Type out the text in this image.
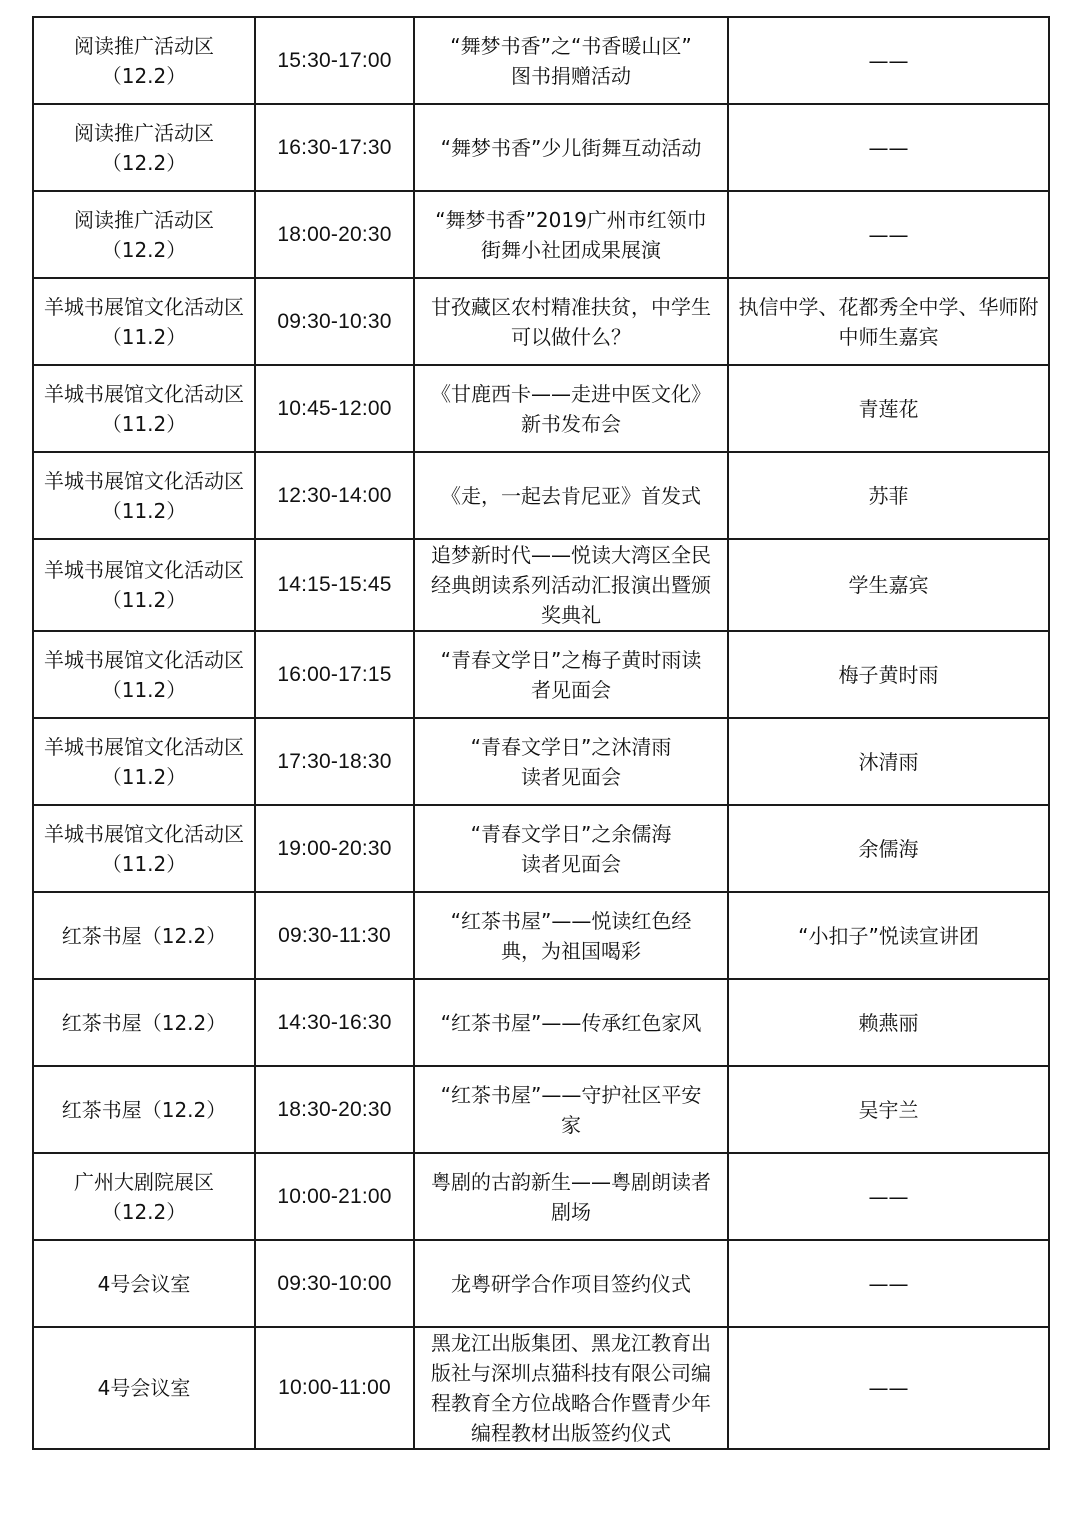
阅读推广活动区
（12.2）	15:30-17:00	“舞梦书香”之“书香暖山区”
图书捐赠活动	——

阅读推广活动区
（12.2）	16:30-17:30	“舞梦书香”少儿街舞互动活动	——

阅读推广活动区
（12.2）	18:00-20:30	“舞梦书香”2019广州市红领巾
街舞小社团成果展演	——

羊城书展馆文化活动区
（11.2）	09:30-10:30	甘孜藏区农村精准扶贫，中学生
可以做什么？	执信中学、花都秀全中学、华师附
中师生嘉宾

羊城书展馆文化活动区
（11.2）	10:45-12:00	《甘鹿西卡——走进中医文化》
新书发布会	青莲花

羊城书展馆文化活动区
（11.2）	12:30-14:00	《走，一起去肯尼亚》首发式	苏菲

羊城书展馆文化活动区
（11.2）	14:15-15:45	追梦新时代——悦读大湾区全民
经典朗读系列活动汇报演出暨颁
奖典礼	学生嘉宾

羊城书展馆文化活动区
（11.2）	16:00-17:15	“青春文学日”之梅子黄时雨读
者见面会	梅子黄时雨

羊城书展馆文化活动区
（11.2）	17:30-18:30	“青春文学日”之沐清雨
读者见面会	沐清雨

羊城书展馆文化活动区
（11.2）	19:00-20:30	“青春文学日”之余儒海
读者见面会	余儒海

红茶书屋（12.2）	09:30-11:30	“红茶书屋”——悦读红色经
典，为祖国喝彩	“小扣子”悦读宣讲团

红茶书屋（12.2）	14:30-16:30	“红茶书屋”——传承红色家风	赖燕丽

红茶书屋（12.2）	18:30-20:30	“红茶书屋”——守护社区平安
家	吴宇兰

广州大剧院展区
（12.2）	10:00-21:00	粤剧的古韵新生——粤剧朗读者
剧场	——

4号会议室	09:30-10:00	龙粤研学合作项目签约仪式	——

4号会议室	10:00-11:00	黑龙江出版集团、黑龙江教育出
版社与深圳点猫科技有限公司编
程教育全方位战略合作暨青少年
编程教材出版签约仪式	——
